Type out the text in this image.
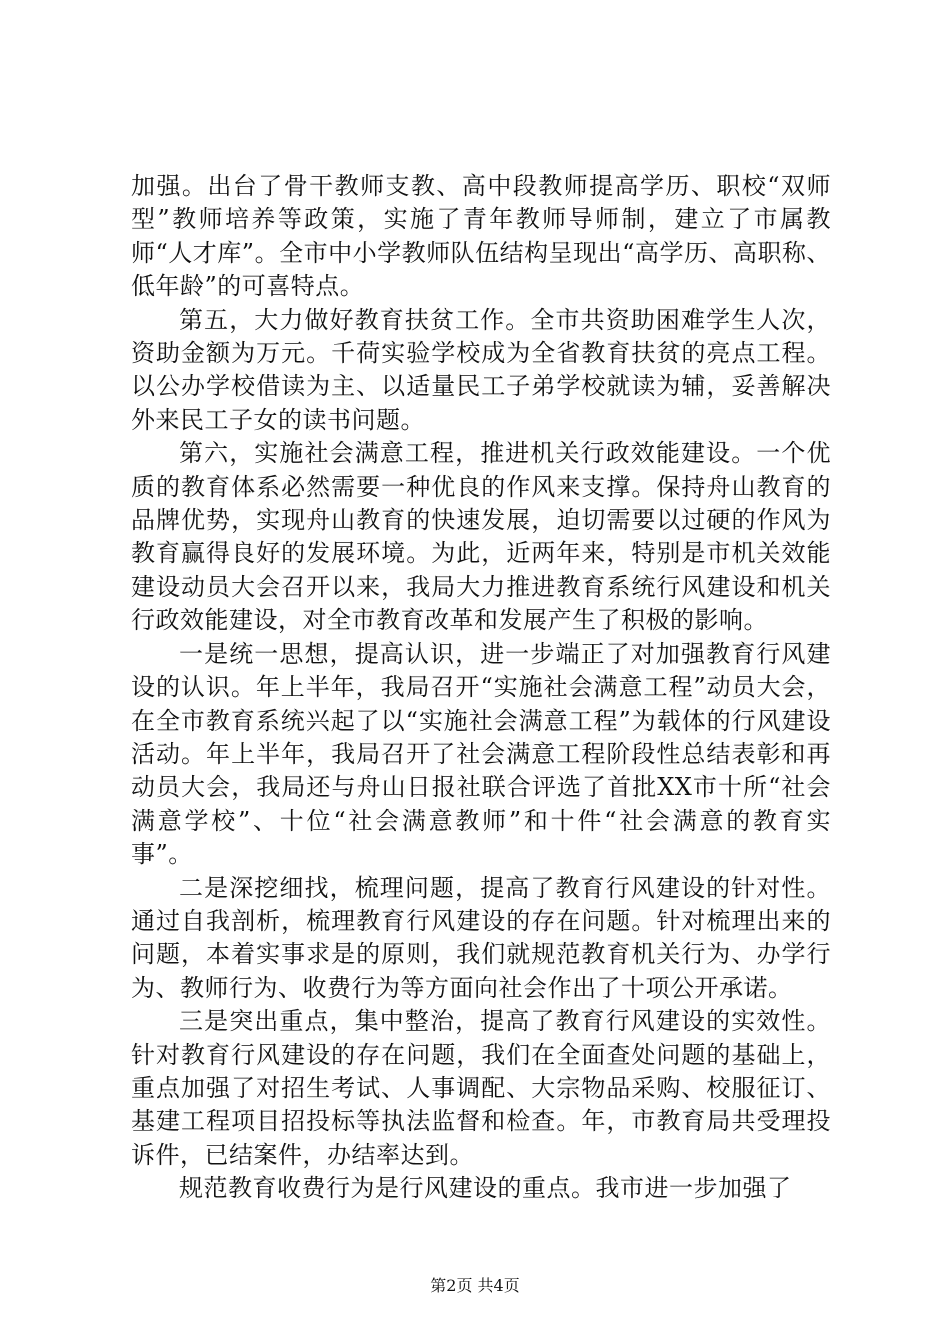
加强。出台了骨干教师支教、高中段教师提高学历、职校“双师型”教师培养等政策，实施了青年教师导师制，建立了市属教师“人才库”。全市中小学教师队伍结构呈现出“高学历、高职称、低年龄”的可喜特点。

第五，大力做好教育扶贫工作。全市共资助困难学生人次，资助金额为万元。千荷实验学校成为全省教育扶贫的亮点工程。以公办学校借读为主、以适量民工子弟学校就读为辅，妥善解决外来民工子女的读书问题。

第六，实施社会满意工程，推进机关行政效能建设。一个优质的教育体系必然需要一种优良的作风来支撑。保持舟山教育的品牌优势，实现舟山教育的快速发展，迫切需要以过硬的作风为教育赢得良好的发展环境。为此，近两年来，特别是市机关效能建设动员大会召开以来，我局大力推进教育系统行风建设和机关行政效能建设，对全市教育改革和发展产生了积极的影响。

一是统一思想，提高认识，进一步端正了对加强教育行风建设的认识。年上半年，我局召开“实施社会满意工程”动员大会，在全市教育系统兴起了以“实施社会满意工程”为载体的行风建设活动。年上半年，我局召开了社会满意工程阶段性总结表彰和再动员大会，我局还与舟山日报社联合评选了首批XX市十所“社会满意学校”、十位“社会满意教师”和十件“社会满意的教育实事”。

二是深挖细找，梳理问题，提高了教育行风建设的针对性。通过自我剖析，梳理教育行风建设的存在问题。针对梳理出来的问题，本着实事求是的原则，我们就规范教育机关行为、办学行为、教师行为、收费行为等方面向社会作出了十项公开承诺。

三是突出重点，集中整治，提高了教育行风建设的实效性。针对教育行风建设的存在问题，我们在全面查处问题的基础上，重点加强了对招生考试、人事调配、大宗物品采购、校服征订、基建工程项目招投标等执法监督和检查。年，市教育局共受理投诉件，已结案件，办结率达到。

规范教育收费行为是行风建设的重点。我市进一步加强了

第2页 共4页
